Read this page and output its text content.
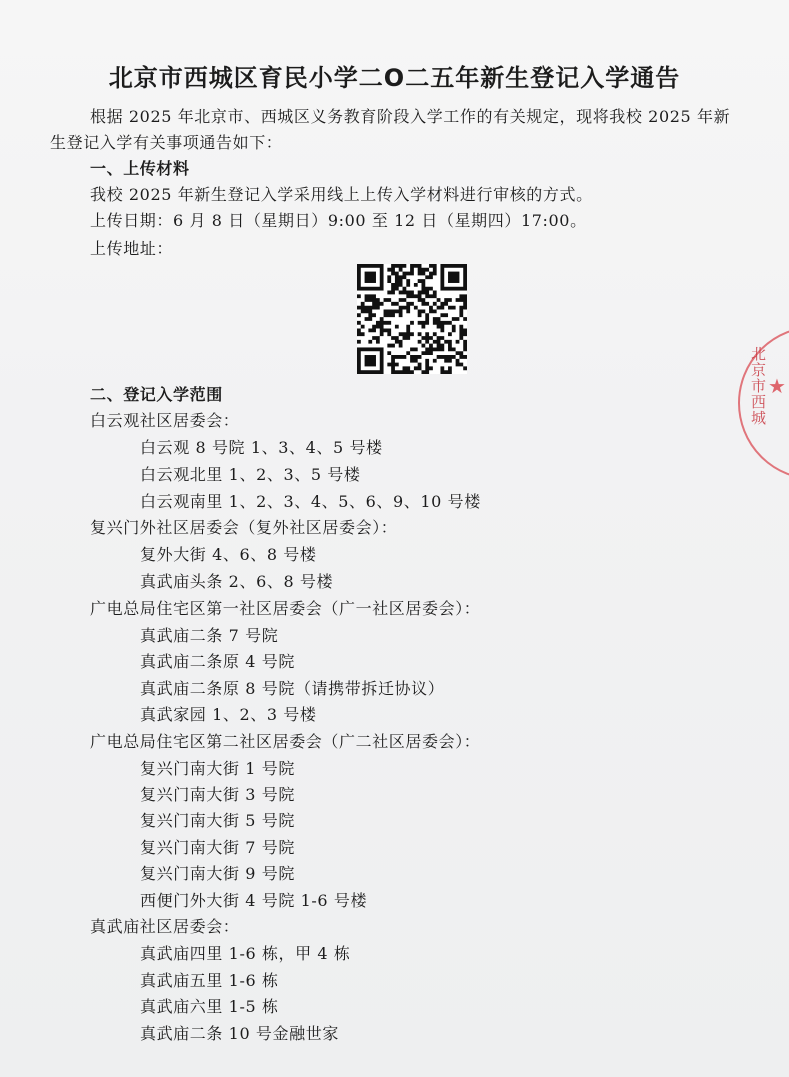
北京市西城区育民小学二O二五年新生登记入学通告
根据 2025 年北京市、西城区义务教育阶段入学工作的有关规定，现将我校 2025 年新生登记入学有关事项通告如下：
一、上传材料
我校 2025 年新生登记入学采用线上上传入学材料进行审核的方式。
上传日期：6 月 8 日（星期日）9:00 至 12 日（星期四）17:00。
上传地址：
北京市西城 ★
二、登记入学范围
白云观社区居委会：
白云观 8 号院 1、3、4、5 号楼
白云观北里 1、2、3、5 号楼
白云观南里 1、2、3、4、5、6、9、10 号楼
复兴门外社区居委会（复外社区居委会）：
复外大街 4、6、8 号楼
真武庙头条 2、6、8 号楼
广电总局住宅区第一社区居委会（广一社区居委会）：
真武庙二条 7 号院
真武庙二条原 4 号院
真武庙二条原 8 号院（请携带拆迁协议）
真武家园 1、2、3 号楼
广电总局住宅区第二社区居委会（广二社区居委会）：
复兴门南大街 1 号院
复兴门南大街 3 号院
复兴门南大街 5 号院
复兴门南大街 7 号院
复兴门南大街 9 号院
西便门外大街 4 号院 1-6 号楼
真武庙社区居委会：
真武庙四里 1-6 栋，甲 4 栋
真武庙五里 1-6 栋
真武庙六里 1-5 栋
真武庙二条 10 号金融世家
